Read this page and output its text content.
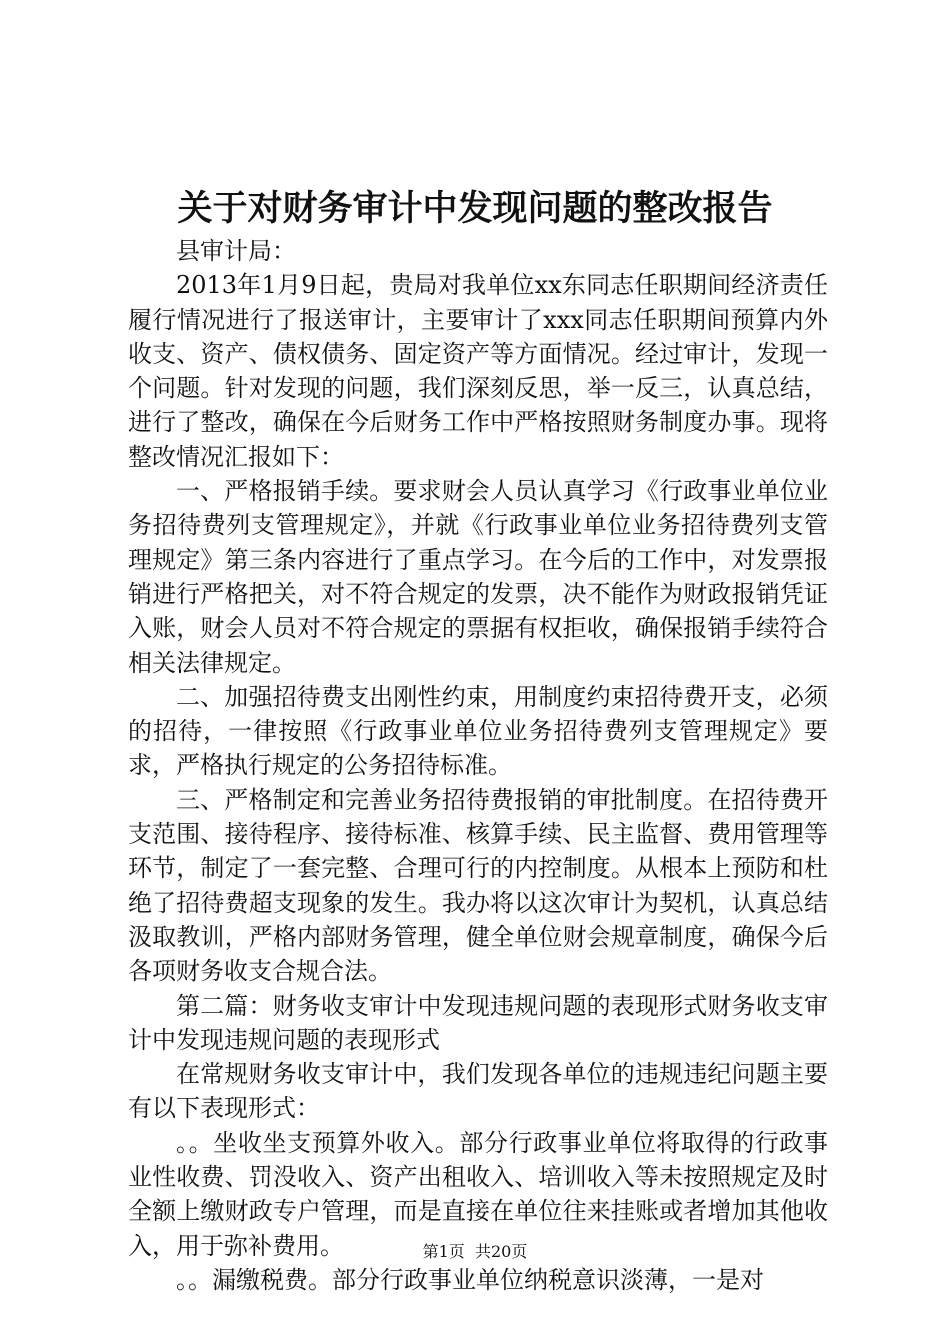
关于对财务审计中发现问题的整改报告

县审计局：

2013年1月9日起，贵局对我单位xx东同志任职期间经济责任履行情况进行了报送审计，主要审计了xxx同志任职期间预算内外收支、资产、债权债务、固定资产等方面情况。经过审计，发现一个问题。针对发现的问题，我们深刻反思，举一反三，认真总结，进行了整改，确保在今后财务工作中严格按照财务制度办事。现将整改情况汇报如下：

一、严格报销手续。要求财会人员认真学习《行政事业单位业务招待费列支管理规定》，并就《行政事业单位业务招待费列支管理规定》第三条内容进行了重点学习。在今后的工作中，对发票报销进行严格把关，对不符合规定的发票，决不能作为财政报销凭证入账，财会人员对不符合规定的票据有权拒收，确保报销手续符合相关法律规定。

二、加强招待费支出刚性约束，用制度约束招待费开支，必须的招待，一律按照《行政事业单位业务招待费列支管理规定》要求，严格执行规定的公务招待标准。

三、严格制定和完善业务招待费报销的审批制度。在招待费开支范围、接待程序、接待标准、核算手续、民主监督、费用管理等环节，制定了一套完整、合理可行的内控制度。从根本上预防和杜绝了招待费超支现象的发生。我办将以这次审计为契机，认真总结汲取教训，严格内部财务管理，健全单位财会规章制度，确保今后各项财务收支合规合法。

第二篇：财务收支审计中发现违规问题的表现形式财务收支审计中发现违规问题的表现形式

在常规财务收支审计中，我们发现各单位的违规违纪问题主要有以下表现形式：

。。坐收坐支预算外收入。部分行政事业单位将取得的行政事业性收费、罚没收入、资产出租收入、培训收入等未按照规定及时全额上缴财政专户管理，而是直接在单位往来挂账或者增加其他收入，用于弥补费用。

。。漏缴税费。部分行政事业单位纳税意识淡薄，一是对

第1页 共20页
